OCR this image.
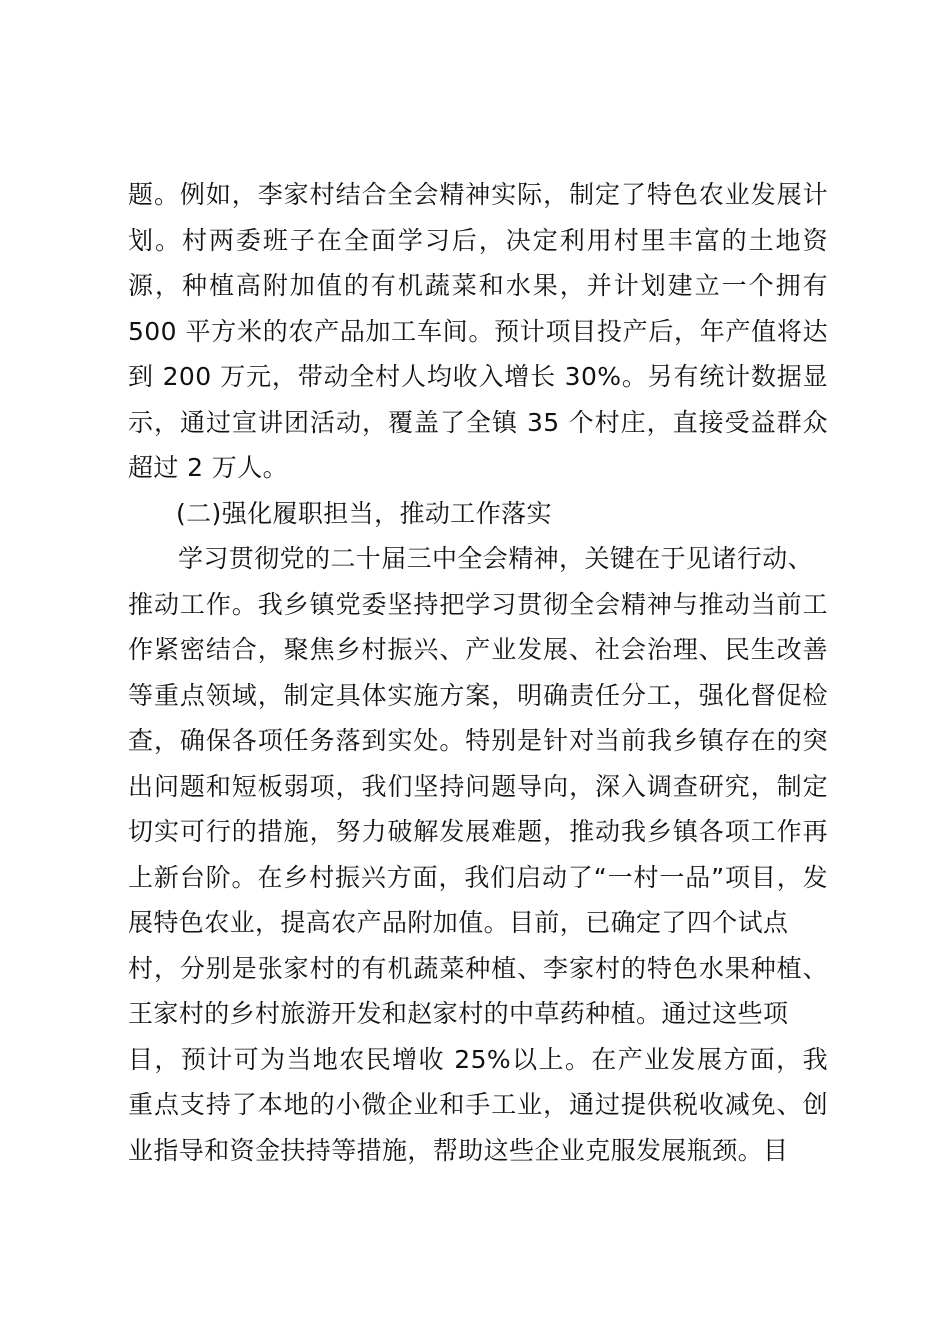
题。例如，李家村结合全会精神实际，制定了特色农业发展计
划。村两委班子在全面学习后，决定利用村里丰富的土地资
源，种植高附加值的有机蔬菜和水果，并计划建立一个拥有
500 平方米的农产品加工车间。预计项目投产后，年产值将达
到 200 万元，带动全村人均收入增长 30%。另有统计数据显
示，通过宣讲团活动，覆盖了全镇 35 个村庄，直接受益群众
超过 2 万人。
(二)强化履职担当，推动工作落实
学习贯彻党的二十届三中全会精神，关键在于见诸行动、
推动工作。我乡镇党委坚持把学习贯彻全会精神与推动当前工
作紧密结合，聚焦乡村振兴、产业发展、社会治理、民生改善
等重点领域，制定具体实施方案，明确责任分工，强化督促检
查，确保各项任务落到实处。特别是针对当前我乡镇存在的突
出问题和短板弱项，我们坚持问题导向，深入调查研究，制定
切实可行的措施，努力破解发展难题，推动我乡镇各项工作再
上新台阶。在乡村振兴方面，我们启动了“一村一品”项目，发
展特色农业，提高农产品附加值。目前，已确定了四个试点
村，分别是张家村的有机蔬菜种植、李家村的特色水果种植、
王家村的乡村旅游开发和赵家村的中草药种植。通过这些项
目，预计可为当地农民增收 25%以上。在产业发展方面，我
重点支持了本地的小微企业和手工业，通过提供税收减免、创
业指导和资金扶持等措施，帮助这些企业克服发展瓶颈。目
